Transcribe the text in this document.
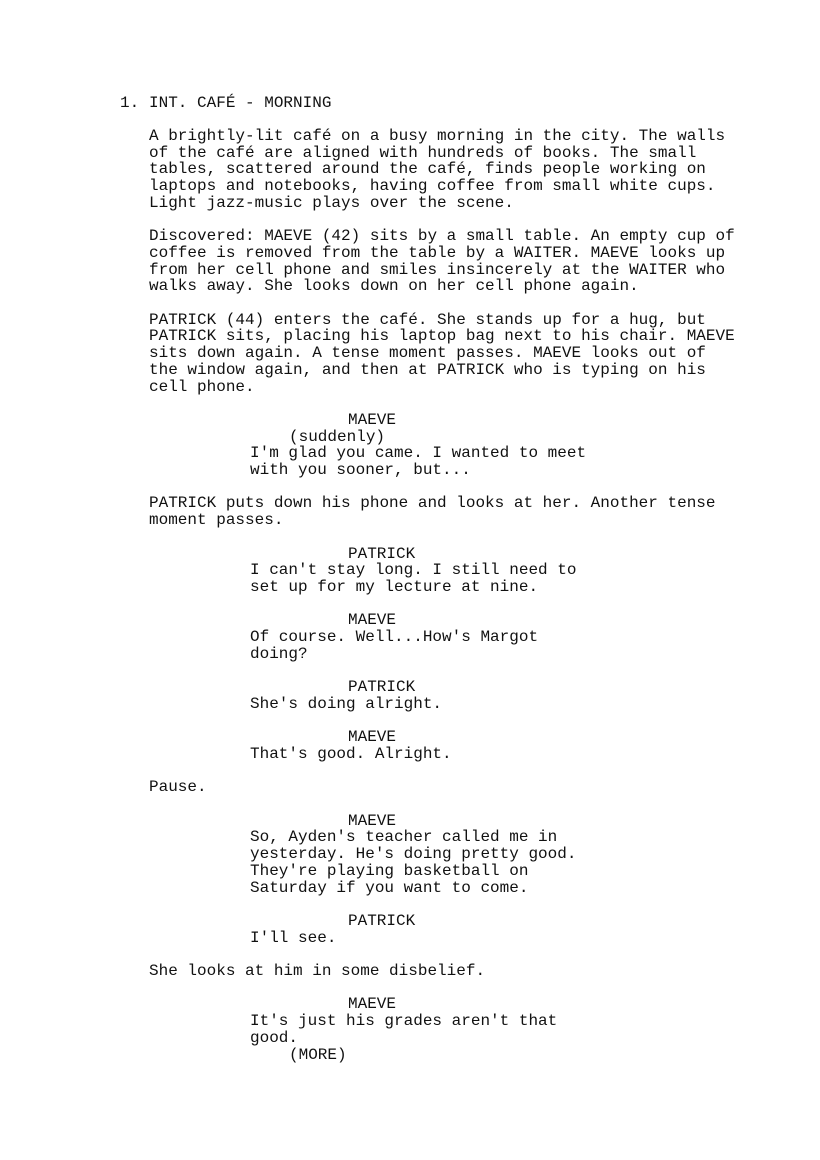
1. INT. CAFÉ - MORNING
A brightly-lit café on a busy morning in the city. The walls
of the café are aligned with hundreds of books. The small
tables, scattered around the café, finds people working on
laptops and notebooks, having coffee from small white cups.
Light jazz-music plays over the scene.
Discovered: MAEVE (42) sits by a small table. An empty cup of
coffee is removed from the table by a WAITER. MAEVE looks up
from her cell phone and smiles insincerely at the WAITER who
walks away. She looks down on her cell phone again.
PATRICK (44) enters the café. She stands up for a hug, but
PATRICK sits, placing his laptop bag next to his chair. MAEVE
sits down again. A tense moment passes. MAEVE looks out of
the window again, and then at PATRICK who is typing on his
cell phone.
MAEVE
(suddenly)
I'm glad you came. I wanted to meet
with you sooner, but...
PATRICK puts down his phone and looks at her. Another tense
moment passes.
PATRICK
I can't stay long. I still need to
set up for my lecture at nine.
MAEVE
Of course. Well...How's Margot
doing?
PATRICK
She's doing alright.
MAEVE
That's good. Alright.
Pause.
MAEVE
So, Ayden's teacher called me in
yesterday. He's doing pretty good.
They're playing basketball on
Saturday if you want to come.
PATRICK
I'll see.
She looks at him in some disbelief.
MAEVE
It's just his grades aren't that
good.
(MORE)
